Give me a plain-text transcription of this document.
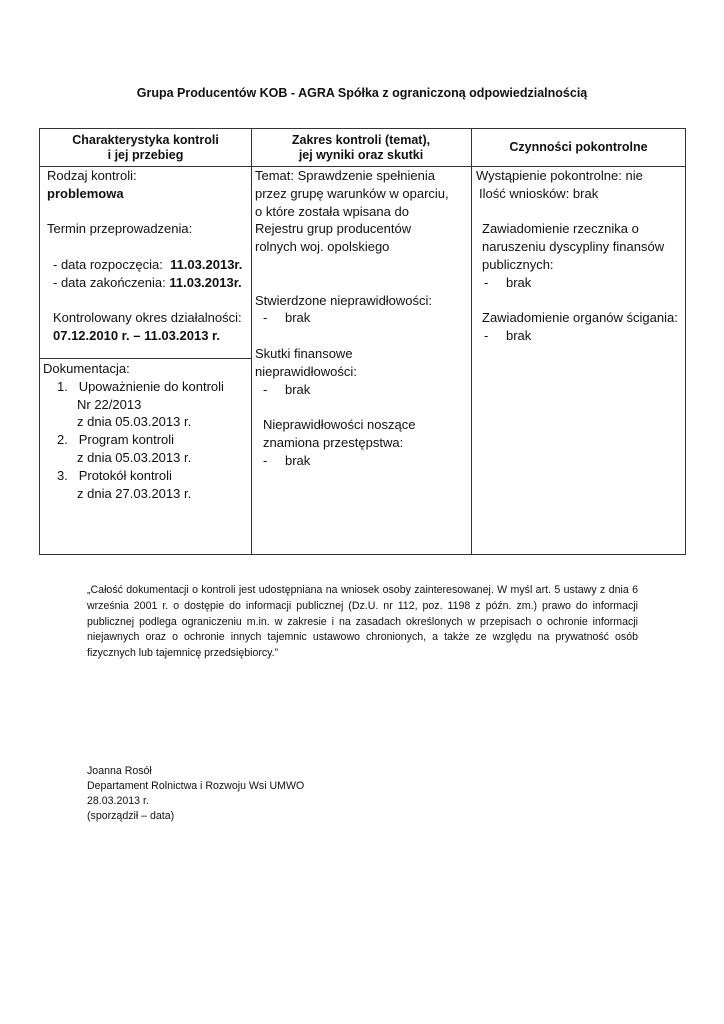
Grupa Producentów KOB - AGRA Spółka z ograniczoną odpowiedzialnością
Charakterystyka kontroli
i jej przebieg
Zakres kontroli (temat),
jej wyniki oraz skutki
Czynności pokontrolne
Rodzaj kontroli:
problemowa
Termin przeprowadzenia:
- data rozpoczęcia: 11.03.2013r.
- data zakończenia: 11.03.2013r.
Kontrolowany okres działalności:
07.12.2010 r. – 11.03.2013 r.
Dokumentacja:
1. Upoważnienie do kontroli
Nr 22/2013
z dnia 05.03.2013 r.
2. Program kontroli
z dnia 05.03.2013 r.
3. Protokół kontroli
z dnia 27.03.2013 r.
Temat: Sprawdzenie spełnienia
przez grupę warunków w oparciu,
o które została wpisana do
Rejestru grup producentów
rolnych woj. opolskiego
Stwierdzone nieprawidłowości:
- brak
Skutki finansowe
nieprawidłowości:
- brak
Nieprawidłowości noszące
znamiona przestępstwa:
- brak
Wystąpienie pokontrolne: nie
Ilość wniosków: brak
Zawiadomienie rzecznika o
naruszeniu dyscypliny finansów
publicznych:
- brak
Zawiadomienie organów ścigania:
- brak
„Całość dokumentacji o kontroli jest udostępniana na wniosek osoby zainteresowanej. W myśl art. 5 ustawy z dnia 6 września 2001 r. o dostępie do informacji publicznej (Dz.U. nr 112, poz. 1198 z późn. zm.) prawo do informacji publicznej podlega ograniczeniu m.in. w zakresie i na zasadach określonych w przepisach o ochronie informacji niejawnych oraz o ochronie innych tajemnic ustawowo chronionych, a także ze względu na prywatność osób fizycznych lub tajemnicę przedsiębiorcy.”
Joanna Rosół
Departament Rolnictwa i Rozwoju Wsi UMWO
28.03.2013 r.
(sporządził – data)
